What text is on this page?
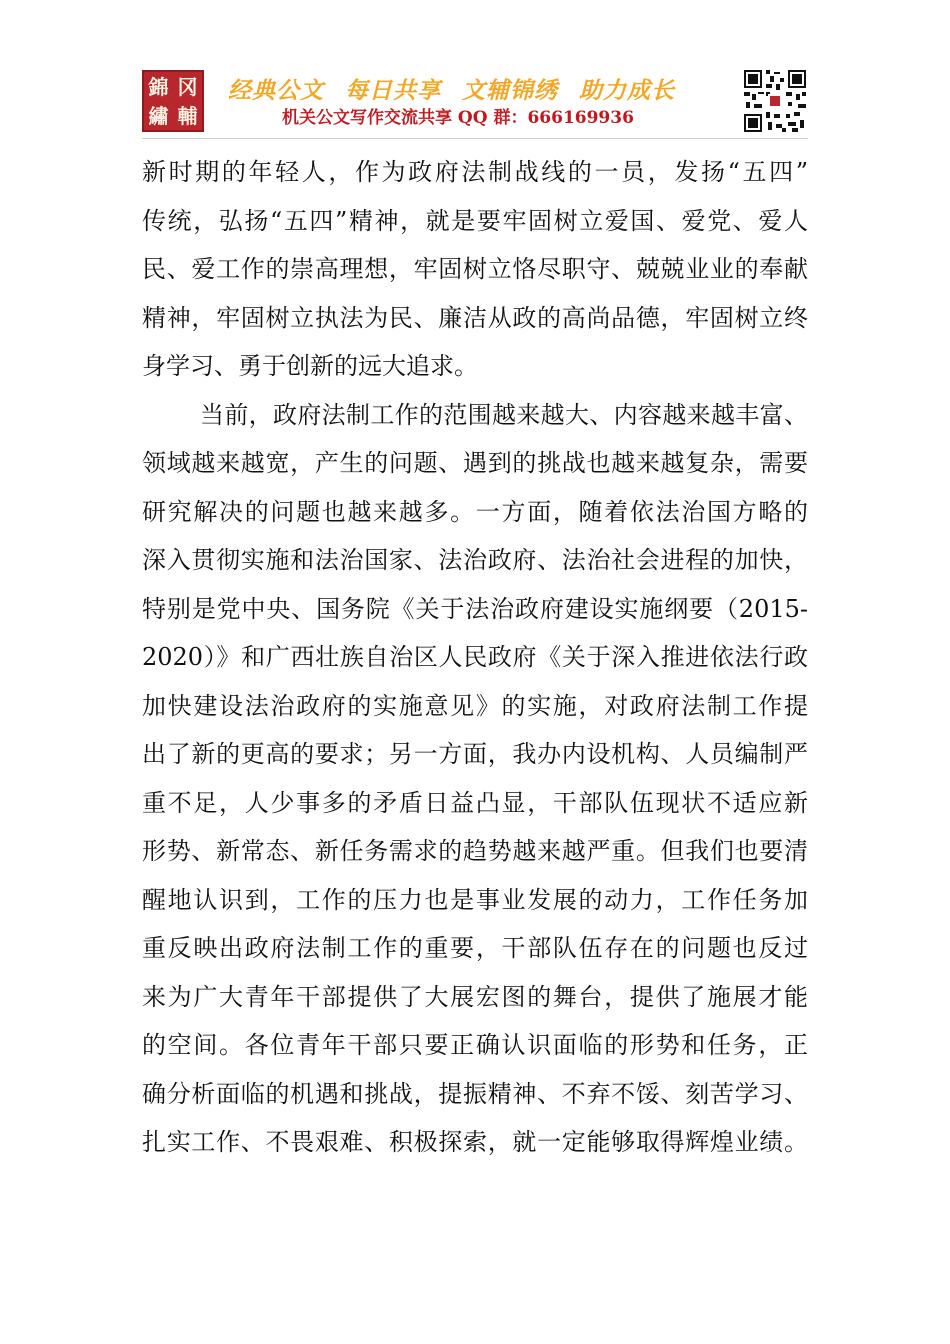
錦 冈
繡 輔
经典公文 每日共享 文辅锦绣 助力成长
机关公文写作交流共享 QQ 群：666169936
新时期的年轻人，作为政府法制战线的一员，发扬“五四”
传统，弘扬“五四”精神，就是要牢固树立爱国、爱党、爱人
民、爱工作的崇高理想，牢固树立恪尽职守、兢兢业业的奉献
精神，牢固树立执法为民、廉洁从政的高尚品德，牢固树立终
身学习、勇于创新的远大追求。
当前，政府法制工作的范围越来越大、内容越来越丰富、
领域越来越宽，产生的问题、遇到的挑战也越来越复杂，需要
研究解决的问题也越来越多。一方面，随着依法治国方略的
深入贯彻实施和法治国家、法治政府、法治社会进程的加快，
特别是党中央、国务院《关于法治政府建设实施纲要（2015-
2020）》和广西壮族自治区人民政府《关于深入推进依法行政
加快建设法治政府的实施意见》的实施，对政府法制工作提
出了新的更高的要求；另一方面，我办内设机构、人员编制严
重不足，人少事多的矛盾日益凸显，干部队伍现状不适应新
形势、新常态、新任务需求的趋势越来越严重。但我们也要清
醒地认识到，工作的压力也是事业发展的动力，工作任务加
重反映出政府法制工作的重要，干部队伍存在的问题也反过
来为广大青年干部提供了大展宏图的舞台，提供了施展才能
的空间。各位青年干部只要正确认识面临的形势和任务，正
确分析面临的机遇和挑战，提振精神、不弃不馁、刻苦学习、
扎实工作、不畏艰难、积极探索，就一定能够取得辉煌业绩。
